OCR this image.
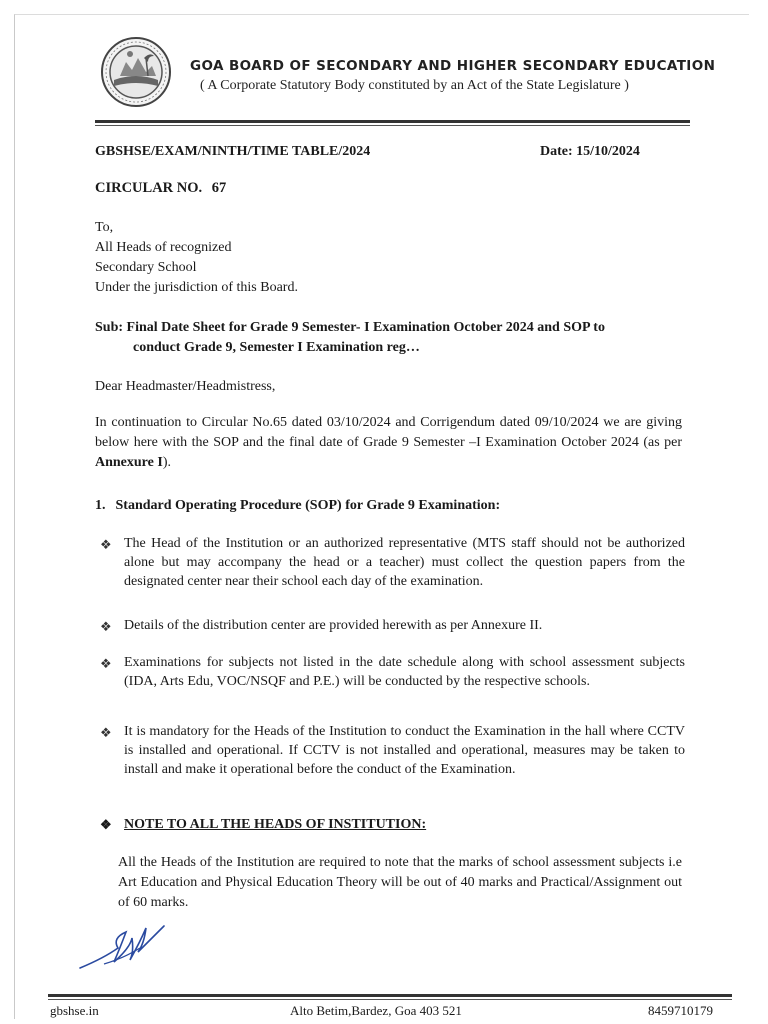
GOA BOARD OF SECONDARY AND HIGHER SECONDARY EDUCATION
( A Corporate Statutory Body constituted by an Act of the State Legislature )
GBSHSE/EXAM/NINTH/TIME TABLE/2024	Date: 15/10/2024
CIRCULAR NO. 67
To,
All Heads of recognized
Secondary School
Under the jurisdiction of this Board.
Sub: Final Date Sheet for Grade 9 Semester- I Examination October 2024 and SOP to
conduct Grade 9, Semester I Examination reg…
Dear Headmaster/Headmistress,
In continuation to Circular No.65 dated 03/10/2024 and Corrigendum dated 09/10/2024 we are giving below here with the SOP and the final date of Grade 9 Semester –I Examination October 2024 (as per Annexure I).
1. Standard Operating Procedure (SOP) for Grade 9 Examination:
❖ The Head of the Institution or an authorized representative (MTS staff should not be authorized alone but may accompany the head or a teacher) must collect the question papers from the designated center near their school each day of the examination.
❖ Details of the distribution center are provided herewith as per Annexure II.
❖ Examinations for subjects not listed in the date schedule along with school assessment subjects (IDA, Arts Edu, VOC/NSQF and P.E.) will be conducted by the respective schools.
❖ It is mandatory for the Heads of the Institution to conduct the Examination in the hall where CCTV is installed and operational. If CCTV is not installed and operational, measures may be taken to install and make it operational before the conduct of the Examination.
❖ NOTE TO ALL THE HEADS OF INSTITUTION:
All the Heads of the Institution are required to note that the marks of school assessment subjects i.e Art Education and Physical Education Theory will be out of 40 marks and Practical/Assignment out of 60 marks.
gbshse.in	Alto Betim,Bardez, Goa 403 521	8459710179
